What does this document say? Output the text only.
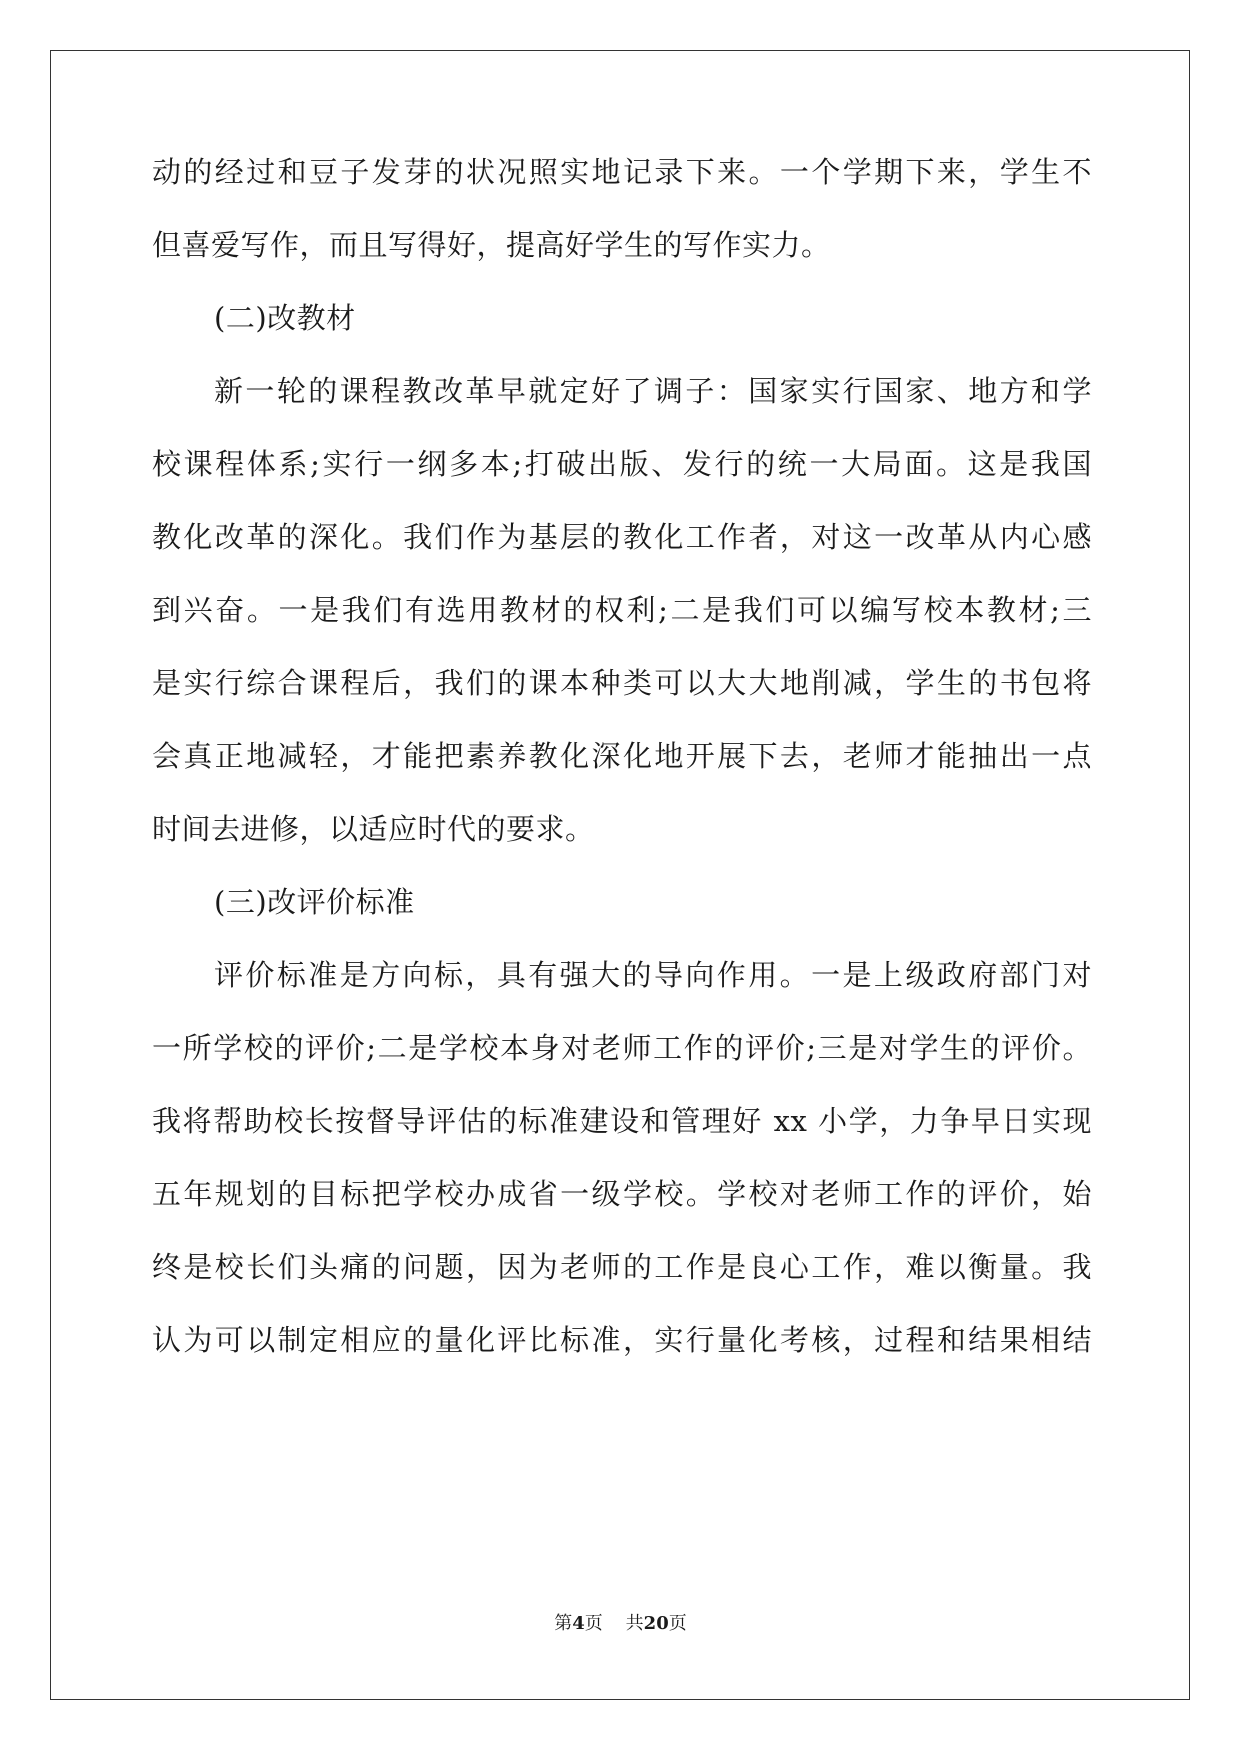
动的经过和豆子发芽的状况照实地记录下来。一个学期下来，学生不
但喜爱写作，而且写得好，提高好学生的写作实力。
(二)改教材
新一轮的课程教改革早就定好了调子：国家实行国家、地方和学
校课程体系;实行一纲多本;打破出版、发行的统一大局面。这是我国
教化改革的深化。我们作为基层的教化工作者，对这一改革从内心感
到兴奋。一是我们有选用教材的权利;二是我们可以编写校本教材;三
是实行综合课程后，我们的课本种类可以大大地削减，学生的书包将
会真正地减轻，才能把素养教化深化地开展下去，老师才能抽出一点
时间去进修，以适应时代的要求。
(三)改评价标准
评价标准是方向标，具有强大的导向作用。一是上级政府部门对
一所学校的评价;二是学校本身对老师工作的评价;三是对学生的评价。
我将帮助校长按督导评估的标准建设和管理好 xx 小学，力争早日实现
五年规划的目标把学校办成省一级学校。学校对老师工作的评价，始
终是校长们头痛的问题，因为老师的工作是良心工作，难以衡量。我
认为可以制定相应的量化评比标准，实行量化考核，过程和结果相结
第4页 共20页
